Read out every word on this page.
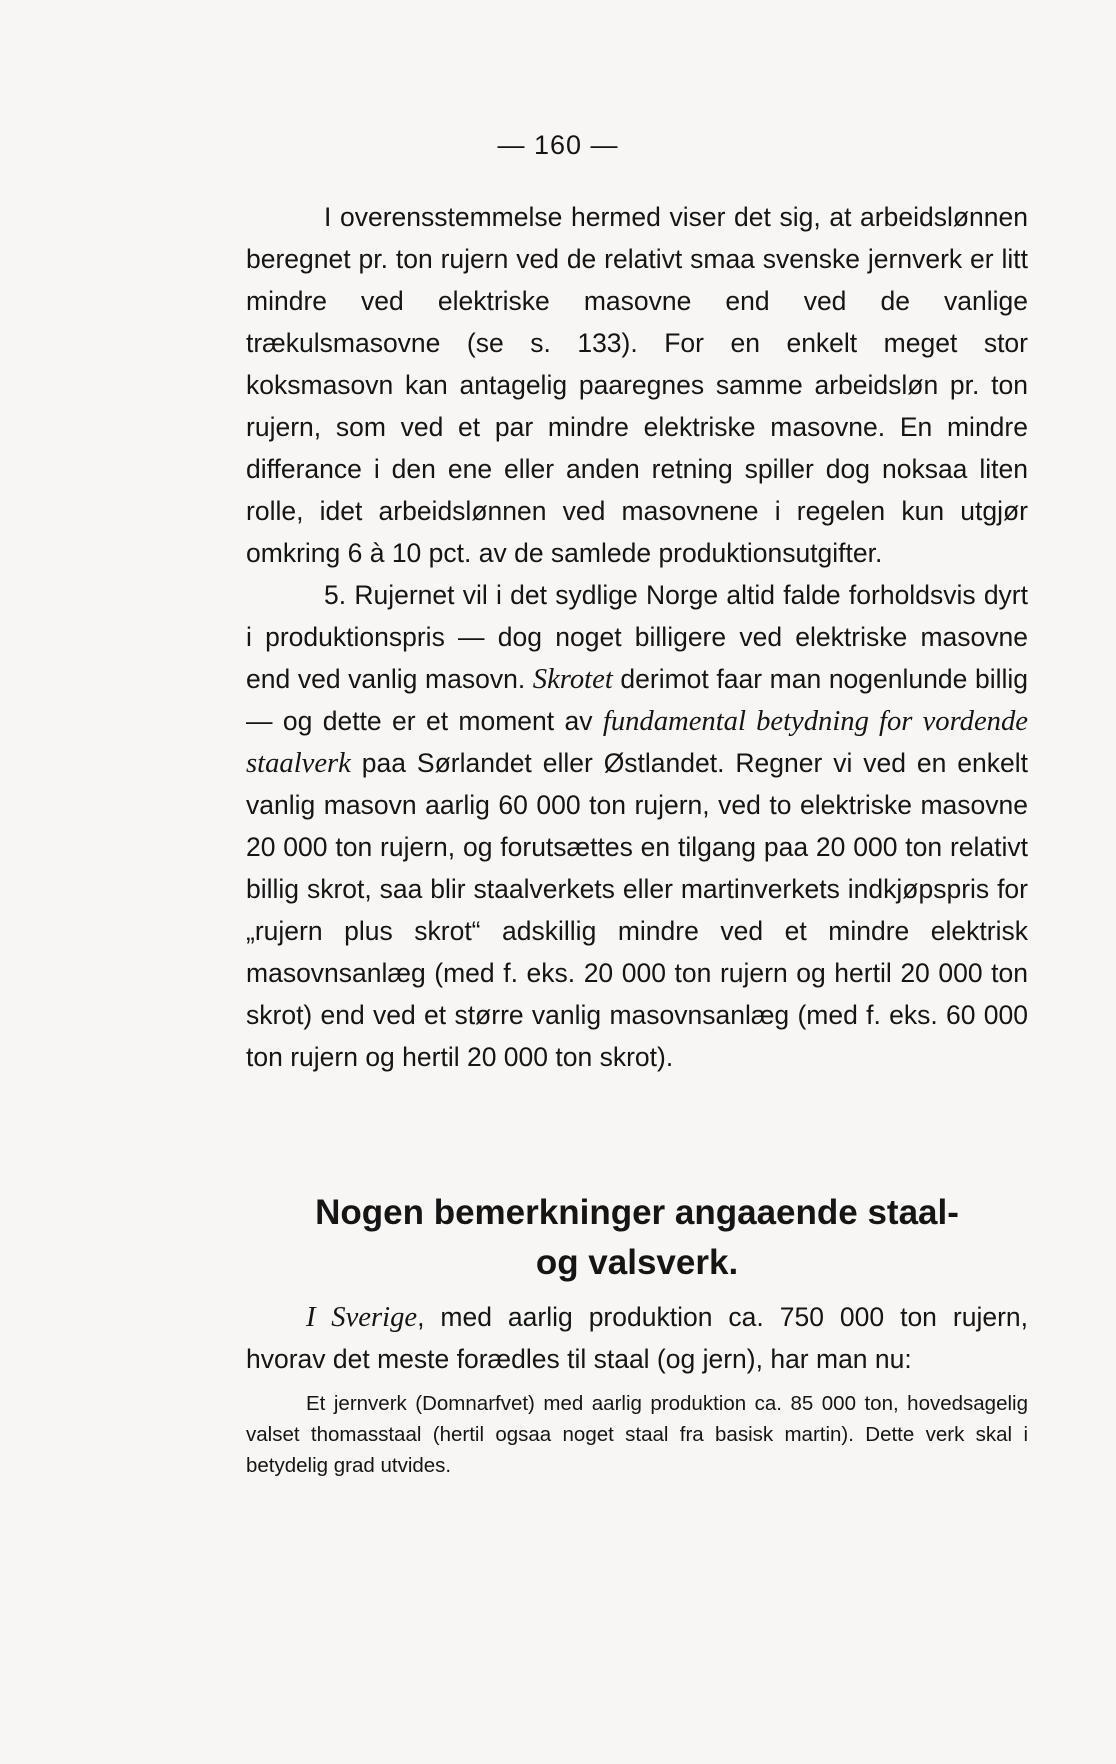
— 160 —

I overensstemmelse hermed viser det sig, at arbeidslønnen beregnet pr. ton rujern ved de relativt smaa svenske jernverk er litt mindre ved elektriske masovne end ved de vanlige trækulsmasovne (se s. 133). For en enkelt meget stor koksmasovn kan antagelig paaregnes samme arbeidsløn pr. ton rujern, som ved et par mindre elektriske masovne. En mindre differance i den ene eller anden retning spiller dog noksaa liten rolle, idet arbeidslønnen ved masovnene i regelen kun utgjør omkring 6 à 10 pct. av de samlede produktionsutgifter.

5. Rujernet vil i det sydlige Norge altid falde forholdsvis dyrt i produktionspris — dog noget billigere ved elektriske masovne end ved vanlig masovn. Skrotet derimot faar man nogenlunde billig — og dette er et moment av fundamental betydning for vordende staalverk paa Sørlandet eller Østlandet. Regner vi ved en enkelt vanlig masovn aarlig 60 000 ton rujern, ved to elektriske masovne 20 000 ton rujern, og forutsættes en tilgang paa 20 000 ton relativt billig skrot, saa blir staalverkets eller martinverkets indkjøpspris for „rujern plus skrot“ adskillig mindre ved et mindre elektrisk masovnsanlæg (med f. eks. 20 000 ton rujern og hertil 20 000 ton skrot) end ved et større vanlig masovnsanlæg (med f. eks. 60 000 ton rujern og hertil 20 000 ton skrot).

Nogen bemerkninger angaaende staal-
og valsverk.

I Sverige, med aarlig produktion ca. 750 000 ton rujern, hvorav det meste forædles til staal (og jern), har man nu:

Et jernverk (Domnarfvet) med aarlig produktion ca. 85 000 ton, hovedsagelig valset thomasstaal (hertil ogsaa noget staal fra basisk martin). Dette verk skal i betydelig grad utvides.
